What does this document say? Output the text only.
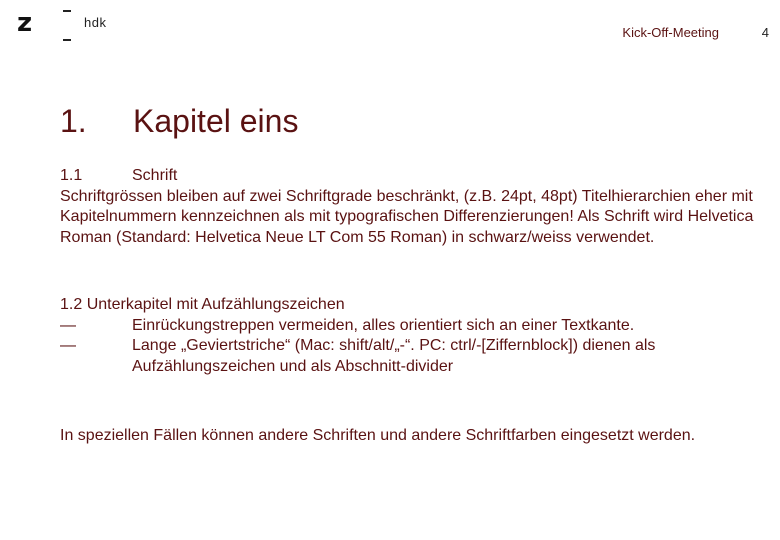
z	hdk
Kick-Off-Meeting	4
1. Kapitel eins
1.1	Schrift

Schriftgrössen bleiben auf zwei Schriftgrade beschränkt, (z.B. 24pt, 48pt) Titelhierarchien eher mit Kapitelnummern kennzeichnen als mit typografischen Differenzierungen! Als Schrift wird Helvetica Roman (Standard: Helvetica Neue LT Com 55 Roman) in schwarz/weiss verwendet.

1.2 Unterkapitel mit Aufzählungszeichen

—	Einrückungstreppen vermeiden, alles orientiert sich an einer Textkante.
—	Lange „Geviertstriche“ (Mac: shift/alt/„-“. PC: ctrl/-[Ziffernblock]) dienen als Aufzählungszeichen und als Abschnitt-divider

In speziellen Fällen können andere Schriften und andere Schriftfarben eingesetzt werden.
